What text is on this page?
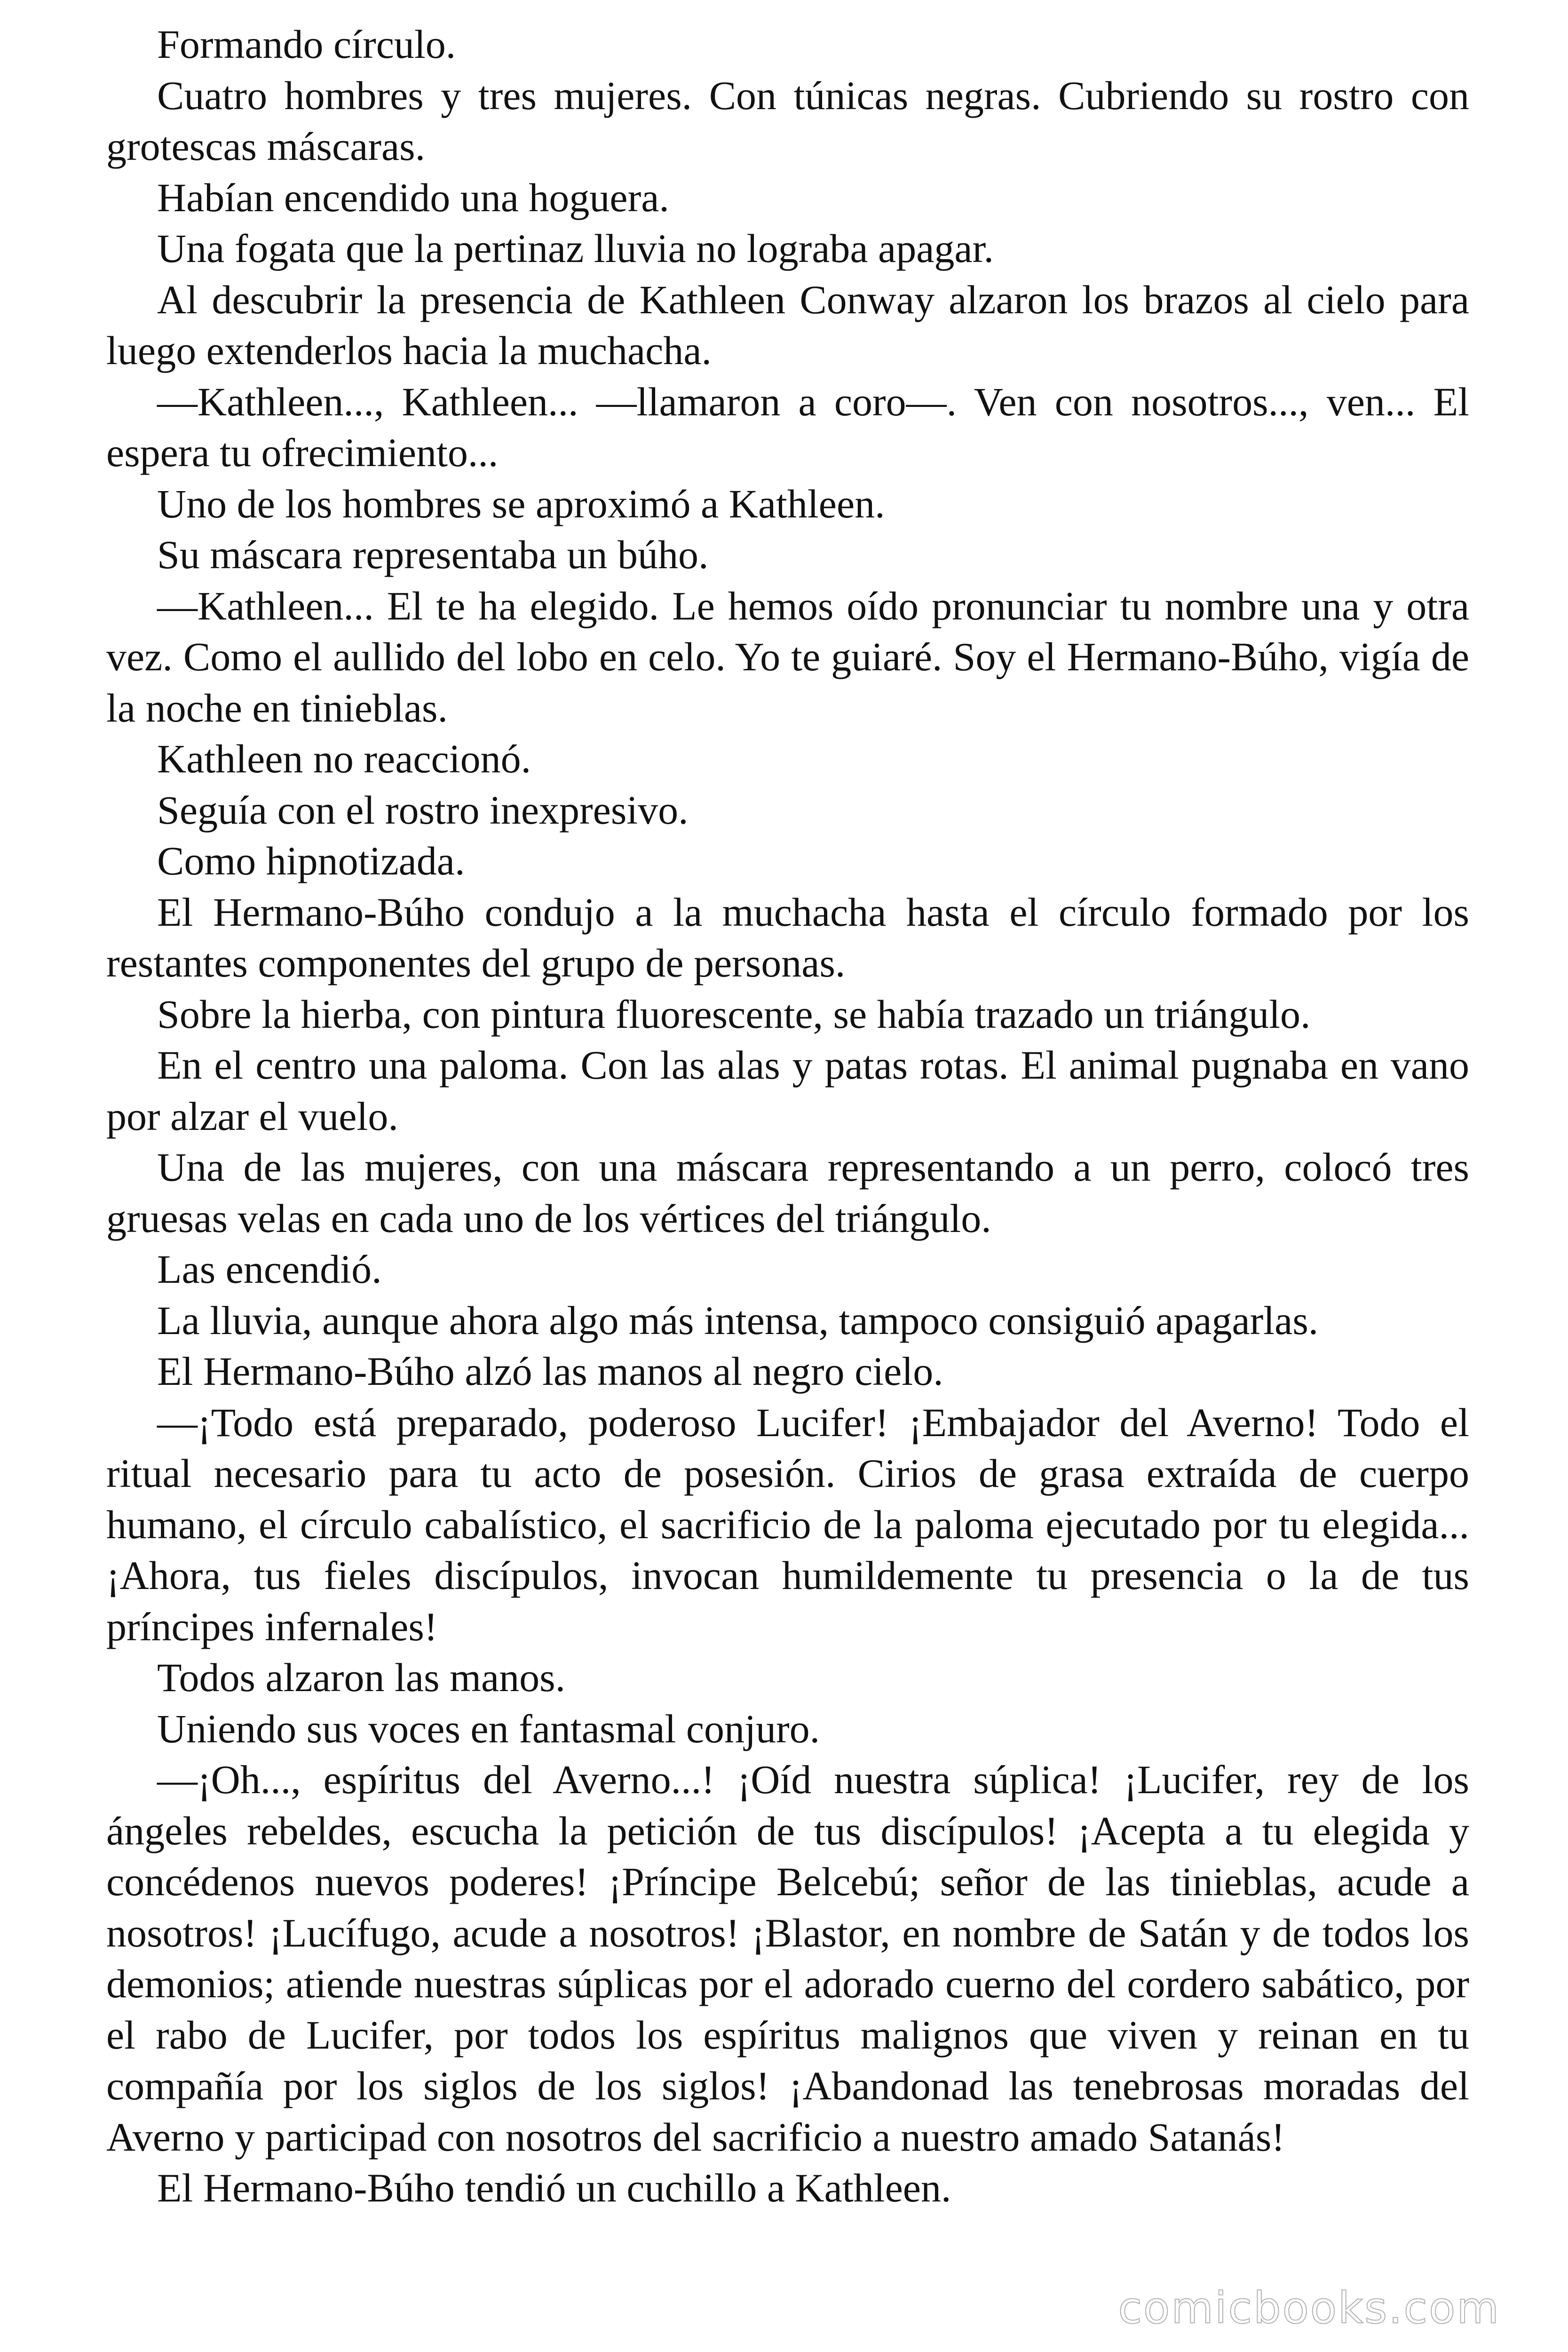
Formando círculo.

Cuatro hombres y tres mujeres. Con túnicas negras. Cubriendo su rostro con grotescas máscaras.

Habían encendido una hoguera.

Una fogata que la pertinaz lluvia no lograba apagar.

Al descubrir la presencia de Kathleen Conway alzaron los brazos al cielo para luego extenderlos hacia la muchacha.

—Kathleen..., Kathleen... —llamaron a coro—. Ven con nosotros..., ven... El espera tu ofrecimiento...

Uno de los hombres se aproximó a Kathleen.

Su máscara representaba un búho.

—Kathleen... El te ha elegido. Le hemos oído pronunciar tu nombre una y otra vez. Como el aullido del lobo en celo. Yo te guiaré. Soy el Hermano-Búho, vigía de la noche en tinieblas.

Kathleen no reaccionó.

Seguía con el rostro inexpresivo.

Como hipnotizada.

El Hermano-Búho condujo a la muchacha hasta el círculo formado por los restantes componentes del grupo de personas.

Sobre la hierba, con pintura fluorescente, se había trazado un triángulo.

En el centro una paloma. Con las alas y patas rotas. El animal pugnaba en vano por alzar el vuelo.

Una de las mujeres, con una máscara representando a un perro, colocó tres gruesas velas en cada uno de los vértices del triángulo.

Las encendió.

La lluvia, aunque ahora algo más intensa, tampoco consiguió apagarlas.

El Hermano-Búho alzó las manos al negro cielo.

—¡Todo está preparado, poderoso Lucifer! ¡Embajador del Averno! Todo el ritual necesario para tu acto de posesión. Cirios de grasa extraída de cuerpo humano, el círculo cabalístico, el sacrificio de la paloma ejecutado por tu elegida... ¡Ahora, tus fieles discípulos, invocan humildemente tu presencia o la de tus príncipes infernales!

Todos alzaron las manos.

Uniendo sus voces en fantasmal conjuro.

—¡Oh..., espíritus del Averno...! ¡Oíd nuestra súplica! ¡Lucifer, rey de los ángeles rebeldes, escucha la petición de tus discípulos! ¡Acepta a tu elegida y concédenos nuevos poderes! ¡Príncipe Belcebú; señor de las tinieblas, acude a nosotros! ¡Lucífugo, acude a nosotros! ¡Blastor, en nombre de Satán y de todos los demonios; atiende nuestras súplicas por el adorado cuerno del cordero sabático, por el rabo de Lucifer, por todos los espíritus malignos que viven y reinan en tu compañía por los siglos de los siglos! ¡Abandonad las tenebrosas moradas del Averno y participad con nosotros del sacrificio a nuestro amado Satanás!

El Hermano-Búho tendió un cuchillo a Kathleen.

comicbooks.com
